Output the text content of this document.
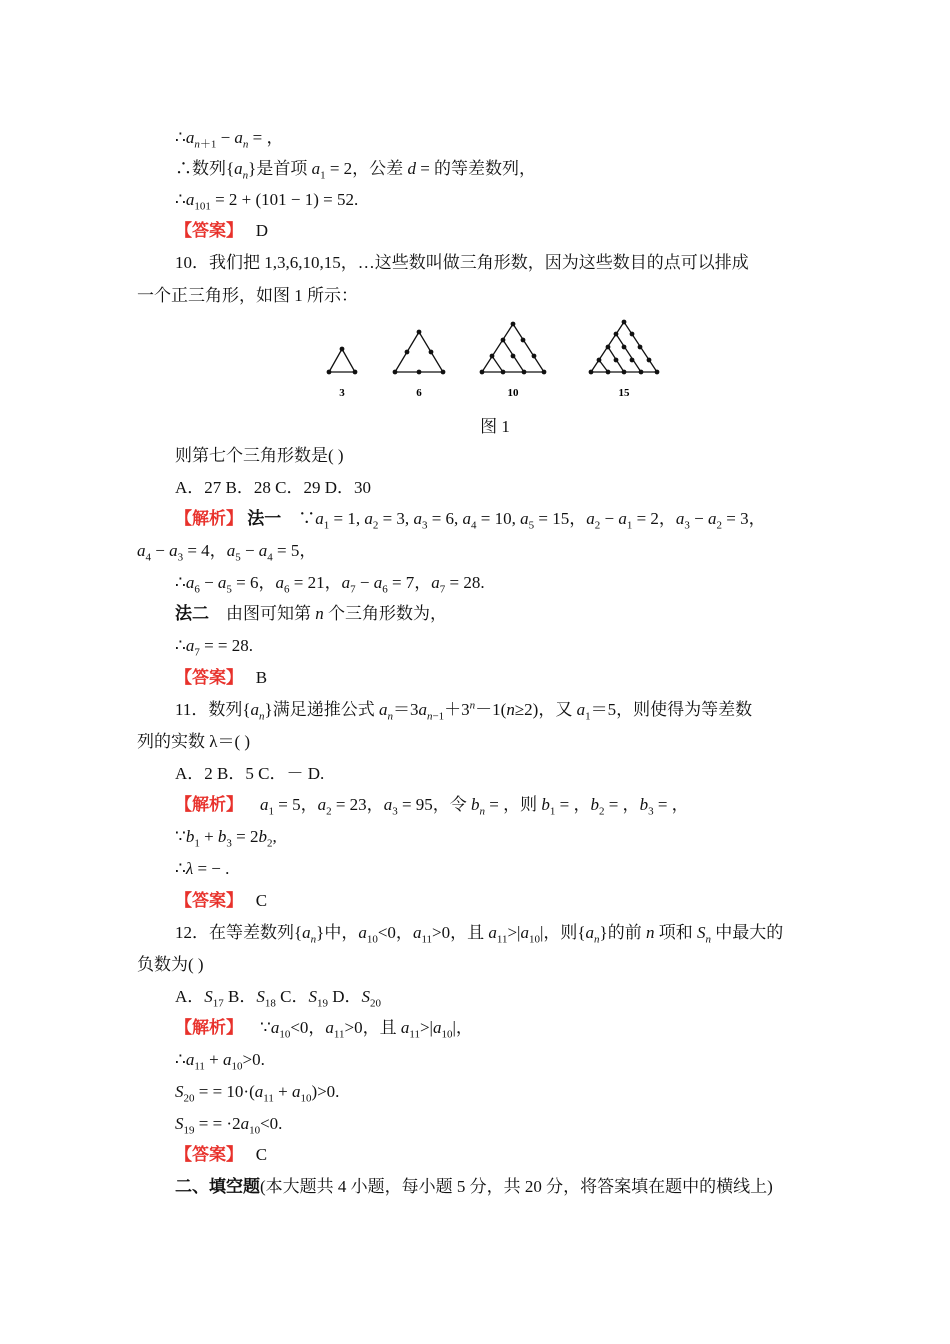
$\therefore a_{n+1} - a_n$ = ，
∴数列$\{a_n\}$是首项 $a_1 = 2$，公差 d = 的等差数列，
$\therefore a_{101} = 2 + (101 - 1) = 52$.
【答案】 D
10．我们把 1,3,6,10,15，…这些数叫做三角形数，因为这些数目的点可以排成
一个正三角形，如图 1 所示：
3	6	10	15
图 1
则第七个三角形数是( )
A．27 B．28 C．29 D．30
【解析】 法一　$\because a_1 = 1$, $a_2 = 3$, $a_3 = 6$, $a_4 = 10$, $a_5 = 15$，$a_2 - a_1 = 2$，$a_3 - a_2 = 3$，
$a_4 - a_3 = 4$，$a_5 - a_4 = 5$，
$\therefore a_6 - a_5 = 6$，$a_6 = 21$，$a_7 - a_6 = 7$，$a_7 = 28$.
法二　 由图可知第 n 个三角形数为，
$\therefore a_7$ = = 28.
【答案】 B
11．数列$\{a_n\}$满足递推公式 $a_n=3a_{n-1}+3^n-1(n\ge 2)$，又 $a_1=5$，则使得为等差数
列的实数 λ＝( )
A．2 B．5 C．－ D.
【解析】 $a_1 = 5$，$a_2 = 23$，$a_3 = 95$，令 $b_n$ = ，则 $b_1$ = ，$b_2$ = ，$b_3$ = ，
$\because b_1 + b_3 = 2b_2$,
∴λ = − .
【答案】 C
12．在等差数列$\{a_n\}$中，$a_{10}<0$，$a_{11}>0$，且 $a_{11}>|a_{10}|$，则$\{a_n\}$的前 n 项和 $S_n$ 中最大的
负数为( )
A．$S_{17}$ B．$S_{18}$ C．$S_{19}$ D．$S_{20}$
【解析】    $\because a_{10}<0$，$a_{11}>0$，且 $a_{11}>|a_{10}|$，
$\therefore a_{11} + a_{10}>0$.
$S_{20}$ = = $10\cdot(a_{11} + a_{10})>0$.
$S_{19}$ = = $\cdot 2a_{10}<0$.
【答案】 C
二、填空题(本大题共 4 小题，每小题 5 分，共 20 分，将答案填在题中的横线上)
